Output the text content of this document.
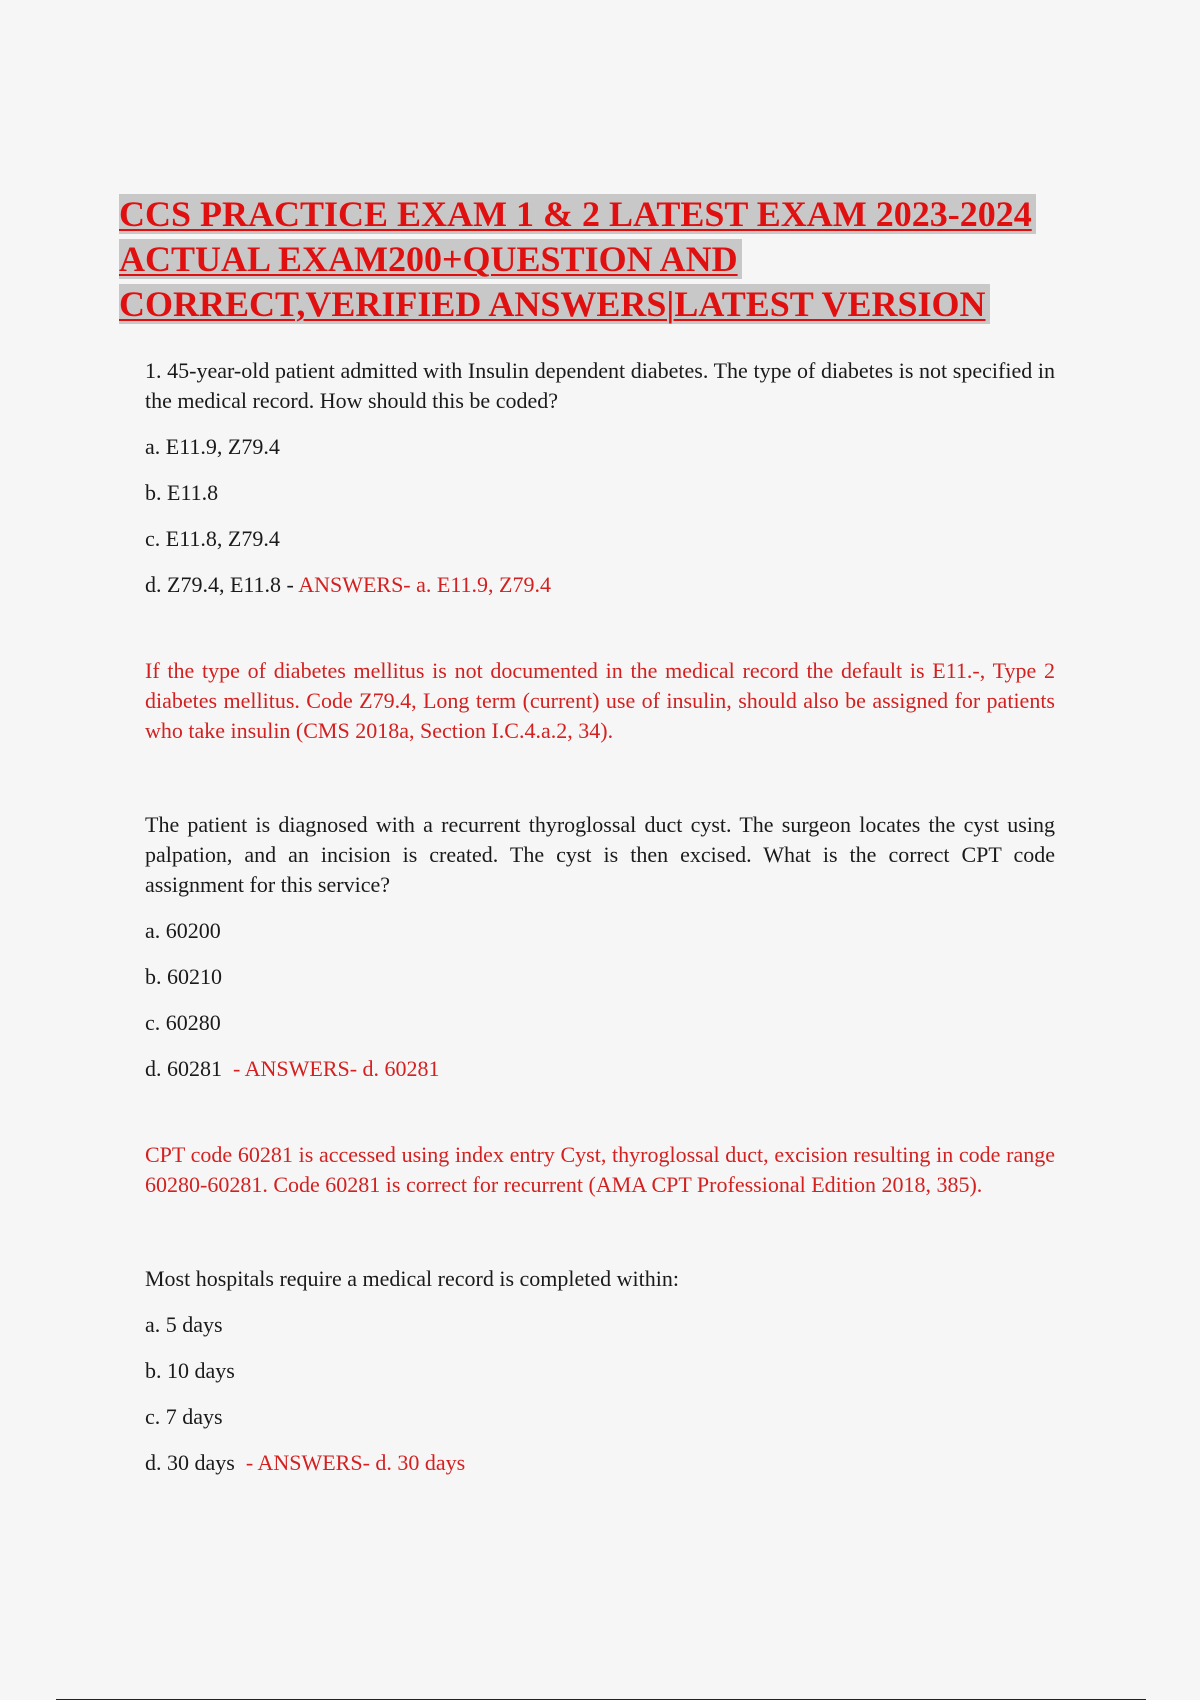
CCS PRACTICE EXAM 1 & 2 LATEST EXAM 2023-2024
ACTUAL EXAM200+QUESTION AND
CORRECT,VERIFIED ANSWERS|LATEST VERSION

1. 45-year-old patient admitted with Insulin dependent diabetes. The type of diabetes is not specified in the medical record. How should this be coded?

a. E11.9, Z79.4

b. E11.8

c. E11.8, Z79.4

d. Z79.4, E11.8 - ANSWERS- a. E11.9, Z79.4

If the type of diabetes mellitus is not documented in the medical record the default is E11.-, Type 2 diabetes mellitus. Code Z79.4, Long term (current) use of insulin, should also be assigned for patients who take insulin (CMS 2018a, Section I.C.4.a.2, 34).

The patient is diagnosed with a recurrent thyroglossal duct cyst. The surgeon locates the cyst using palpation, and an incision is created. The cyst is then excised. What is the correct CPT code assignment for this service?

a. 60200

b. 60210

c. 60280

d. 60281  - ANSWERS- d. 60281

CPT code 60281 is accessed using index entry Cyst, thyroglossal duct, excision resulting in code range 60280-60281. Code 60281 is correct for recurrent (AMA CPT Professional Edition 2018, 385).

Most hospitals require a medical record is completed within:

a. 5 days

b. 10 days

c. 7 days

d. 30 days  - ANSWERS- d. 30 days
